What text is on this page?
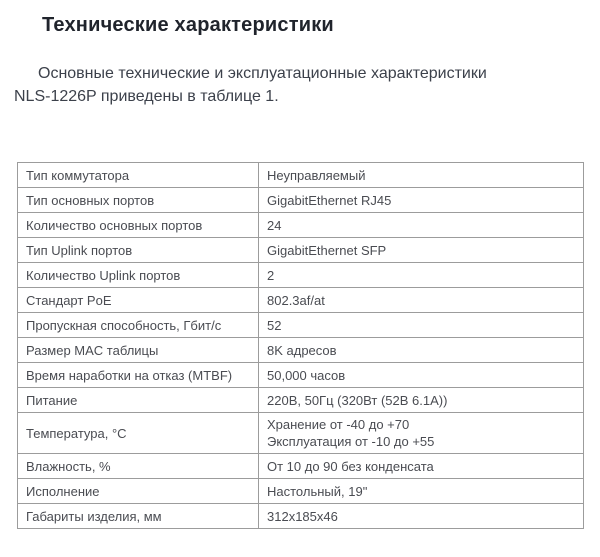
Технические характеристики

Основные технические и эксплуатационные характеристики
NLS-1226P приведены в таблице 1.

Тип коммутатора	Неуправляемый

Тип основных портов	GigabitEthernet RJ45

Количество основных портов	24

Тип Uplink портов	GigabitEthernet SFP

Количество Uplink портов	2

Стандарт PoE	802.3af/at

Пропускная способность, Гбит/с	52

Размер MAC таблицы	8K адресов

Время наработки на отказ (MTBF)	50,000 часов

Питание	220В, 50Гц (320Вт (52В 6.1А))

Температура, °C	Хранение от -40 до +70
Эксплуатация от -10 до +55

Влажность, %	От 10 до 90 без конденсата

Исполнение	Настольный, 19"

Габариты изделия, мм	312x185x46
